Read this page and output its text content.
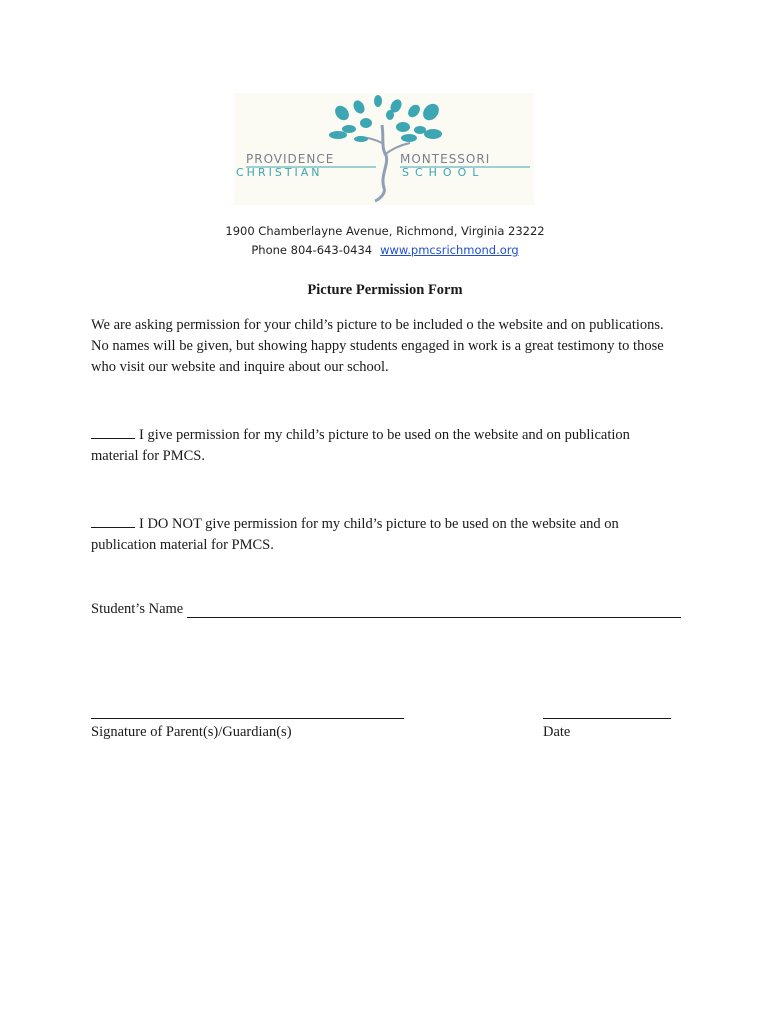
PROVIDENCE	MONTESSORI
CHRISTIAN	SCHOOL
1900 Chamberlayne Avenue, Richmond, Virginia 23222
Phone 804-643-0434 www.pmcsrichmond.org
Picture Permission Form
We are asking permission for your child’s picture to be included o the website and on publications. No names will be given, but showing happy students engaged in work is a great testimony to those who visit our website and inquire about our school.
I give permission for my child’s picture to be used on the website and on publication material for PMCS.
I DO NOT give permission for my child’s picture to be used on the website and on publication material for PMCS.
Student’s Name
Signature of Parent(s)/Guardian(s)	Date
